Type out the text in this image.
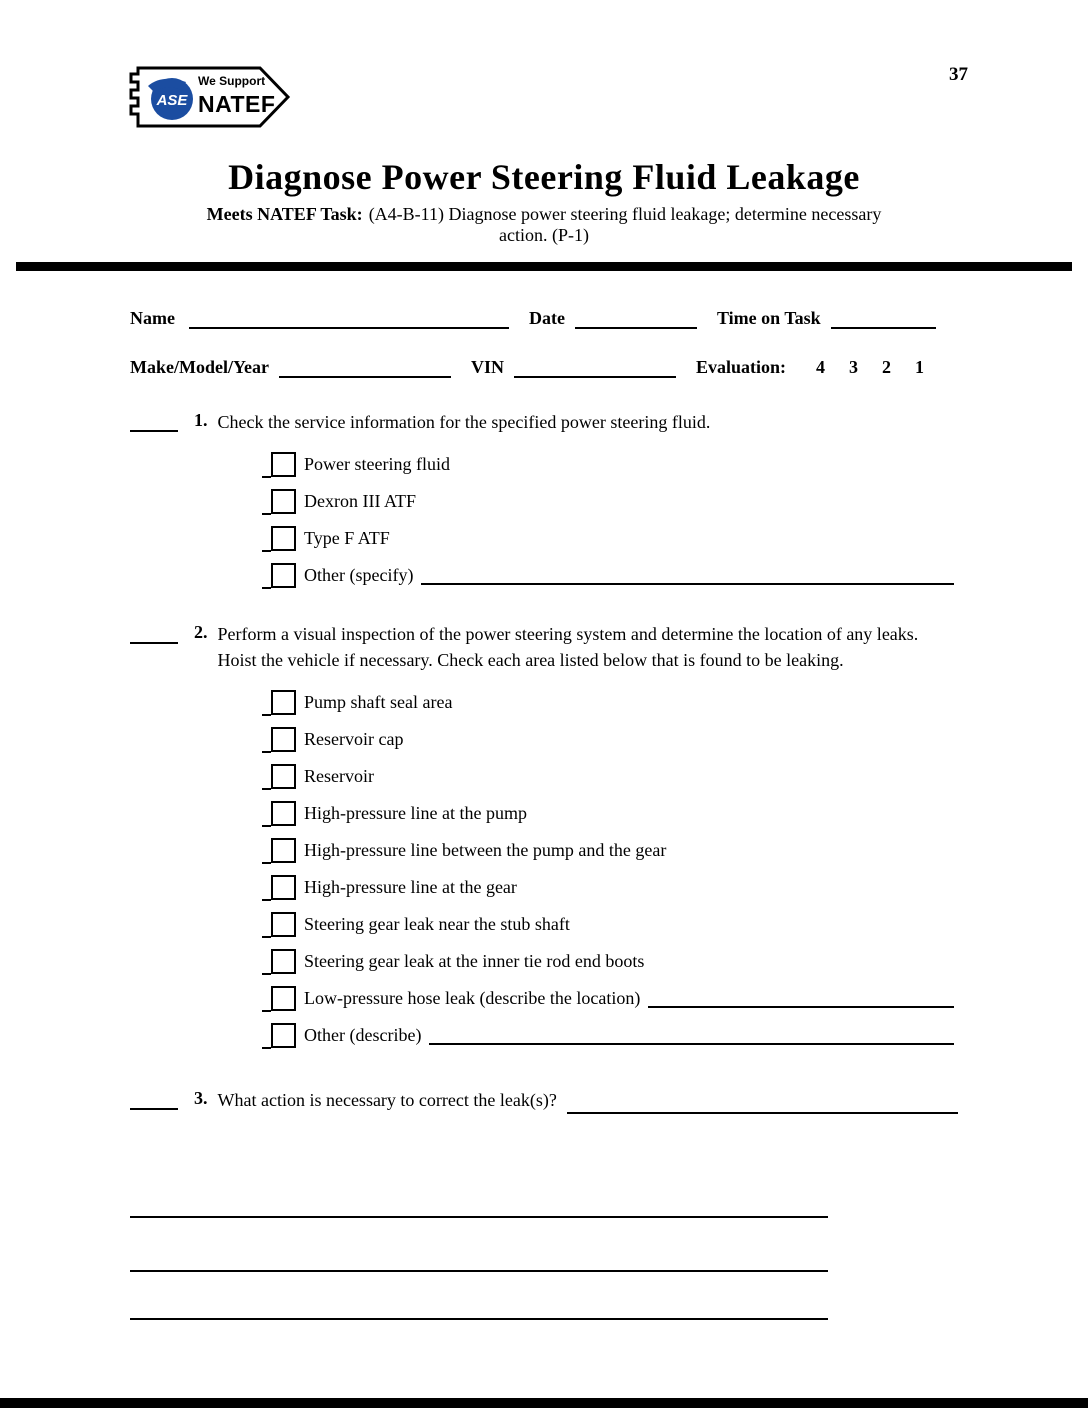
ASE
We Support
NATEF
37
Diagnose Power Steering Fluid Leakage
Meets NATEF Task: (A4-B-11) Diagnose power steering fluid leakage; determine necessary
action. (P-1)
Name	Date	Time on Task
Make/Model/Year	VIN	Evaluation:	4	3	2	1
1. Check the service information for the specified power steering fluid.
Power steering fluid
Dexron III ATF
Type F ATF
Other (specify)
2. Perform a visual inspection of the power steering system and determine the location of any leaks. Hoist the vehicle if necessary. Check each area listed below that is found to be leaking.
Pump shaft seal area
Reservoir cap
Reservoir
High-pressure line at the pump
High-pressure line between the pump and the gear
High-pressure line at the gear
Steering gear leak near the stub shaft
Steering gear leak at the inner tie rod end boots
Low-pressure hose leak (describe the location)
Other (describe)
3. What action is necessary to correct the leak(s)?
